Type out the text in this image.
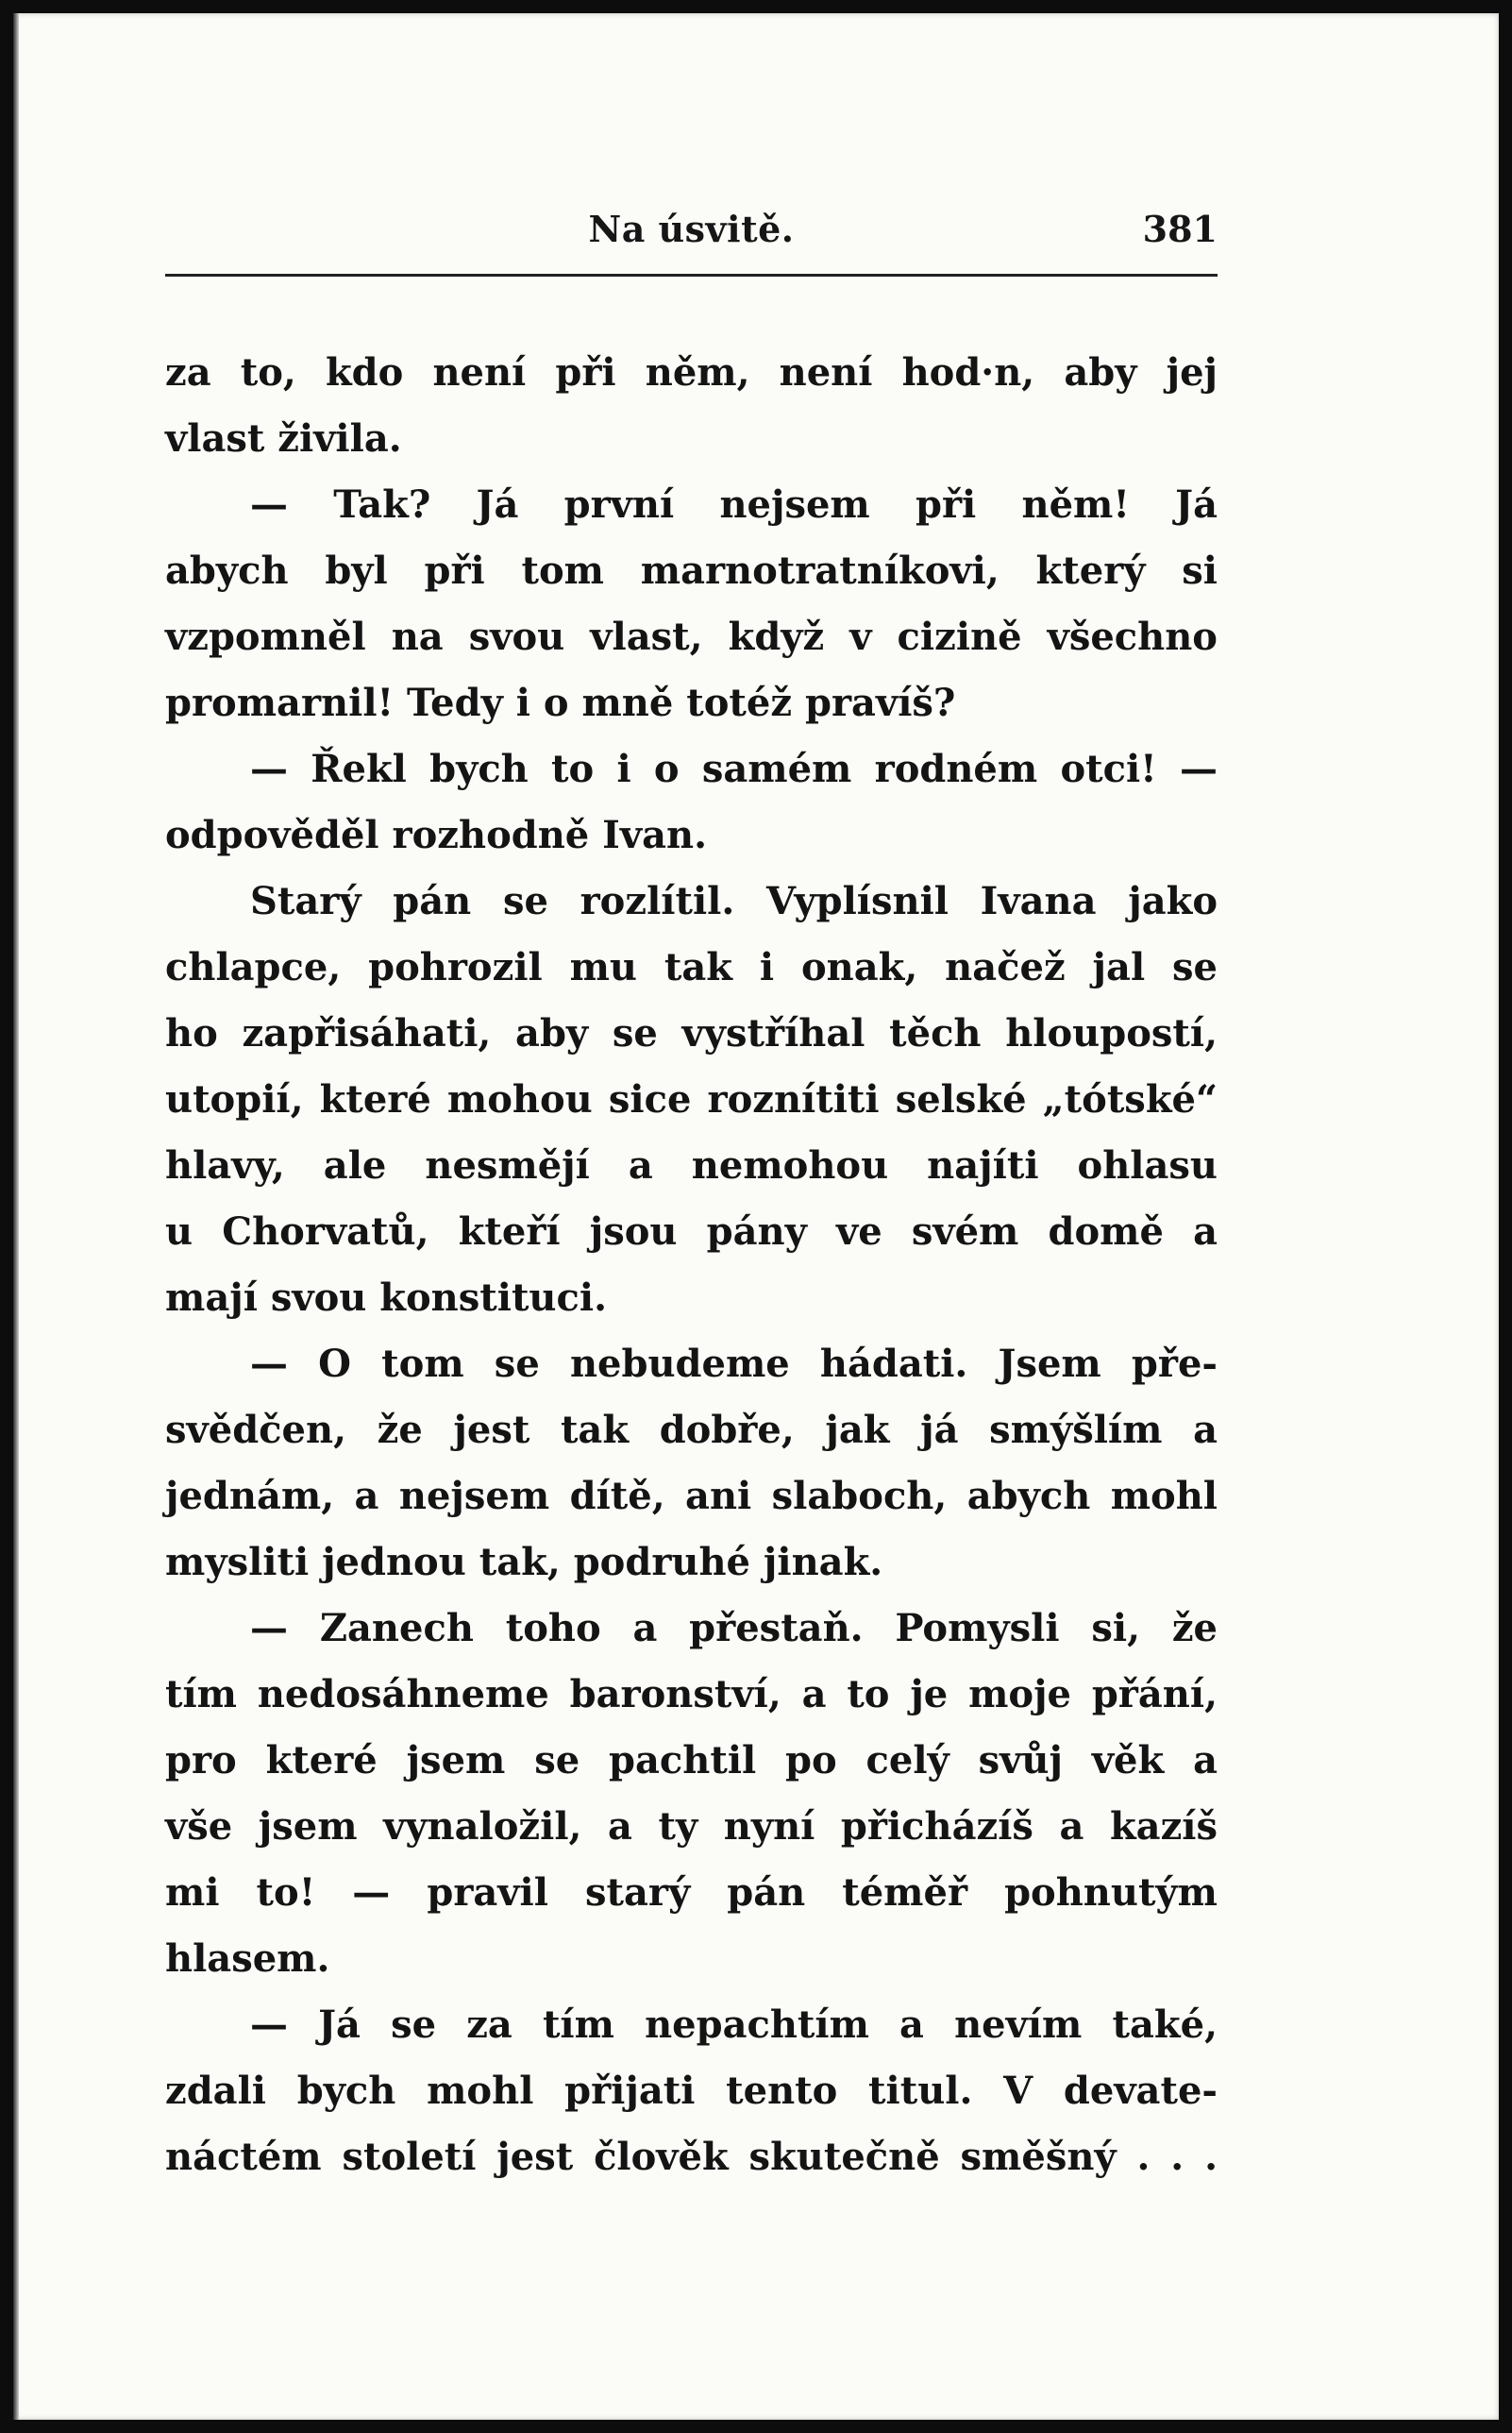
Na úsvitě.	381
za to, kdo není při něm, není hod·n, aby jej
vlast živila.
— Tak? Já první nejsem při něm! Já
abych byl při tom marnotratníkovi, který si
vzpomněl na svou vlast, když v cizině všechno
promarnil! Tedy i o mně totéž pravíš?
— Řekl bych to i o samém rodném otci! —
odpověděl rozhodně Ivan.
Starý pán se rozlítil. Vyplísnil Ivana jako
chlapce, pohrozil mu tak i onak, načež jal se
ho zapřisáhati, aby se vystříhal těch hloupostí,
utopií, které mohou sice roznítiti selské „tótské“
hlavy, ale nesmějí a nemohou najíti ohlasu
u Chorvatů, kteří jsou pány ve svém domě a
mají svou konstituci.
— O tom se nebudeme hádati. Jsem pře-
svědčen, že jest tak dobře, jak já smýšlím a
jednám, a nejsem dítě, ani slaboch, abych mohl
mysliti jednou tak, podruhé jinak.
— Zanech toho a přestaň. Pomysli si, že
tím nedosáhneme baronství, a to je moje přání,
pro které jsem se pachtil po celý svůj věk a
vše jsem vynaložil, a ty nyní přicházíš a kazíš
mi to! — pravil starý pán téměř pohnutým
hlasem.
— Já se za tím nepachtím a nevím také,
zdali bych mohl přijati tento titul. V devate-
náctém století jest člověk skutečně směšný . . .
